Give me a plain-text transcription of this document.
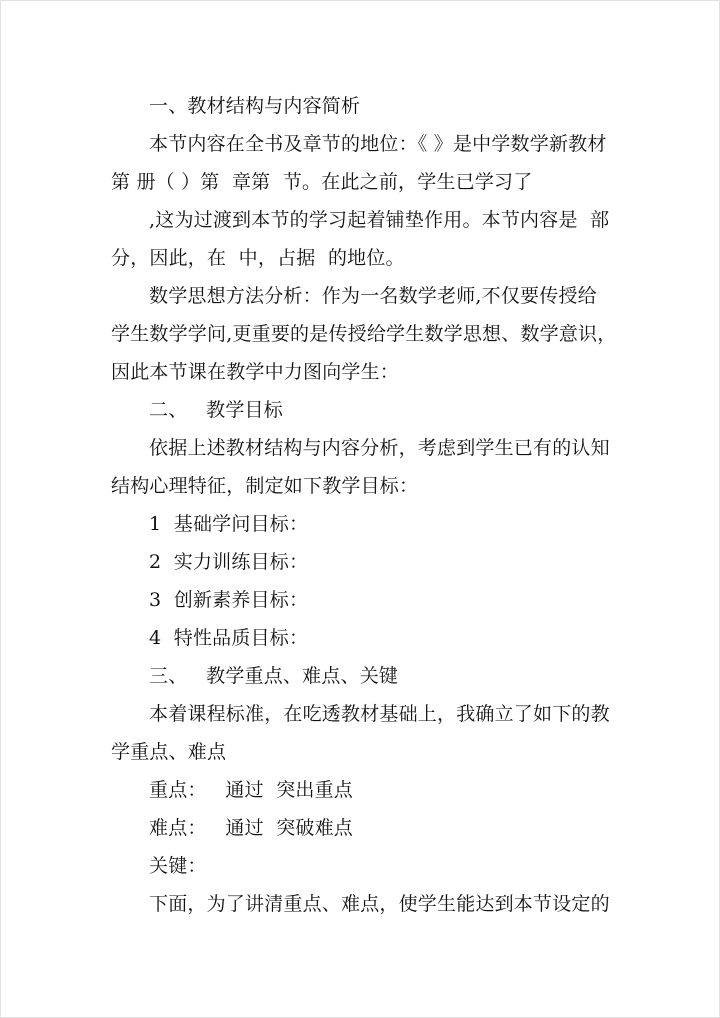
一、教材结构与内容简析
本节内容在全书及章节的地位：《 》是中学数学新教材
第 册（ ）第  章第  节。在此之前，学生已学习了
,这为过渡到本节的学习起着铺垫作用。本节内容是  部
分，因此，在  中，占据  的地位。
数学思想方法分析：作为一名数学老师,不仅要传授给
学生数学学问,更重要的是传授给学生数学思想、数学意识，
因此本节课在教学中力图向学生：
二、   教学目标
依据上述教材结构与内容分析，考虑到学生已有的认知
结构心理特征，制定如下教学目标：
1  基础学问目标：
2  实力训练目标：
3  创新素养目标：
4  特性品质目标：
三、   教学重点、难点、关键
本着课程标准，在吃透教材基础上，我确立了如下的教
学重点、难点
重点：   通过  突出重点
难点：   通过  突破难点
关键：
下面，为了讲清重点、难点，使学生能达到本节设定的
